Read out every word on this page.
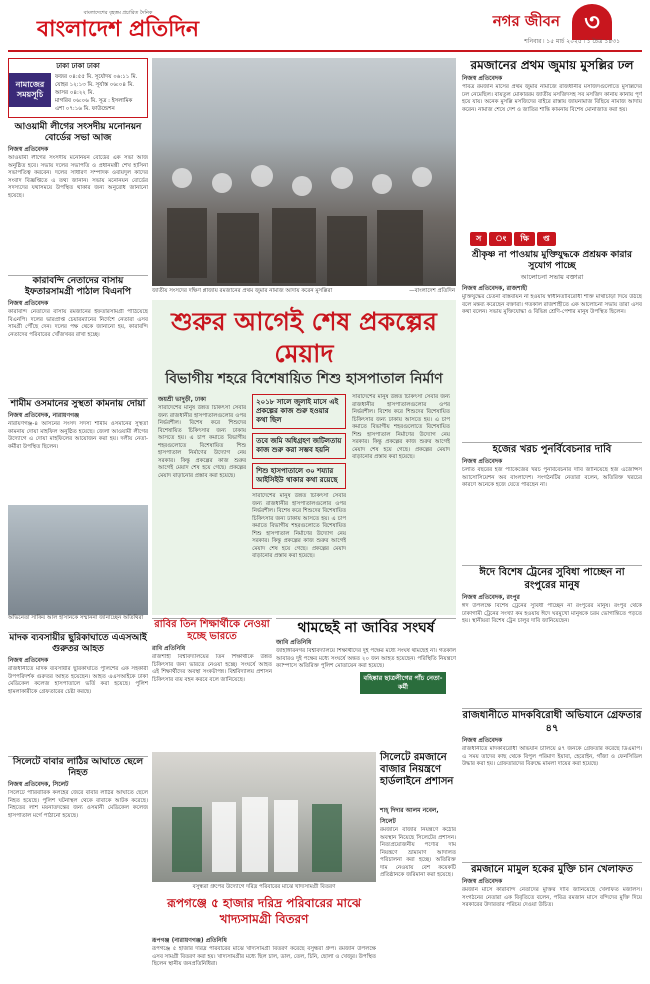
বাংলাদেশের বৃহত্তম প্রচারিত দৈনিক
বাংলাদেশ প্রতিদিন	নগর জীবন	৩
শনিবার ৷ ১৫ মার্চ ২০২৫ ৷ ১ চৈত্র ১৪৩১
ঢাকা ঢাকা ঢাকা
নামাজের সময়সূচি
ফজর ০৪:৫৫ মি. সূর্যোদয় ০৬:১১ মি.
যোহর ১২:১৩ মি. সূর্যাস্ত ০৬:০৪ মি.
আসর ০৪:২২ মি.
মাগরিব ০৬:০৬ মি. সূত্র : ইসলামিক
এশা ০৭:১৬ মি. ফাউন্ডেশন
আওয়ামী লীগের সংসদীয় মনোনয়ন বোর্ডের সভা আজ
নিজস্ব প্রতিবেদক
আওয়ামী লীগের সংসদীয় মনোনয়ন বোর্ডের এক সভা আজ অনুষ্ঠিত হবে। সভায় দলের সভাপতি ও প্রধানমন্ত্রী শেখ হাসিনা সভাপতিত্ব করবেন। দলের সাধারণ সম্পাদক ওবায়দুল কাদের সংবাদ বিজ্ঞপ্তিতে এ তথ্য জানান। সভায় মনোনয়ন বোর্ডের সদস্যদের যথাসময়ে উপস্থিত থাকার জন্য অনুরোধ জানানো হয়েছে।
কারাবন্দি নেতাদের বাসায় ইফতারসামগ্রী পাঠাল বিএনপি
নিজস্ব প্রতিবেদক
কারাবন্দি নেতাদের বাসায় রমজানের ইফতারসামগ্রী পাঠিয়েছে বিএনপি। দলের ভারপ্রাপ্ত চেয়ারম্যানের নির্দেশে নেতারা এসব সামগ্রী পৌঁছে দেন। দলের পক্ষ থেকে জানানো হয়, কারাবন্দি নেতাদের পরিবারের খোঁজখবর রাখা হচ্ছে।
শামীম ওসমানের সুস্থতা কামনায় দোয়া
নিজস্ব প্রতিবেদক, নারায়ণগঞ্জ
নারায়ণগঞ্জ-৪ আসনের সংসদ সদস্য শামীম ওসমানের সুস্থতা কামনায় দোয়া মাহফিল অনুষ্ঠিত হয়েছে। জেলা আওয়ামী লীগের উদ্যোগে এ দোয়া মাহফিলের আয়োজন করা হয়। দলীয় নেতা-কর্মীরা উপস্থিত ছিলেন।
অভিনেতা সাকিব আল হাসানকে সম্মাননা জানাচ্ছেন অতিথিরা
মাদক ব্যবসায়ীর ছুরিকাঘাতে এএসআই গুরুতর আহত
নিজস্ব প্রতিবেদক
রাজধানীতে মাদক ব্যবসায়ীর ছুরিকাঘাতে পুলিশের এক সহকারী উপপরিদর্শক গুরুতর আহত হয়েছেন। আহত এএসআইকে ঢাকা মেডিকেল কলেজ হাসপাতালে ভর্তি করা হয়েছে। পুলিশ হামলাকারীকে গ্রেফতারের চেষ্টা করছে।
সিলেটে বাবার লাঠির আঘাতে ছেলে নিহত
নিজস্ব প্রতিবেদক, সিলেট
সিলেটে পারিবারিক কলহের জেরে বাবার লাঠির আঘাতে ছেলে নিহত হয়েছে। পুলিশ ঘটনাস্থল থেকে বাবাকে আটক করেছে। নিহতের লাশ ময়নাতদন্তের জন্য ওসমানী মেডিকেল কলেজ হাসপাতাল মর্গে পাঠানো হয়েছে।
জাতীয় সংসদের দক্ষিণ প্লাজায় রমজানের প্রথম জুমার নামাজ আদায় করেন মুসল্লিরা	—বাংলাদেশ প্রতিদিন
শুরুর আগেই শেষ প্রকল্পের মেয়াদ
বিভাগীয় শহরে বিশেষায়িত শিশু হাসপাতাল নির্মাণ
জয়শ্রী ভাদুড়ী, ঢাকা
সারাদেশের মানুষ উন্নত চিকিৎসা সেবার জন্য রাজধানীর হাসপাতালগুলোর ওপর নির্ভরশীল। বিশেষ করে শিশুদের বিশেষায়িত চিকিৎসার জন্য ঢাকায় আসতে হয়। এ চাপ কমাতে বিভাগীয় শহরগুলোতে বিশেষায়িত শিশু হাসপাতাল নির্মাণের উদ্যোগ নেয় সরকার। কিন্তু প্রকল্পের কাজ শুরুর আগেই মেয়াদ শেষ হয়ে গেছে। প্রকল্পের মেয়াদ বাড়ানোর প্রস্তাব করা হয়েছে।
২০১৮ সালে জুলাই মাসে এই প্রকল্পের কাজ শুরু হওয়ার কথা ছিল
তবে জমি অধিগ্রহণ জটিলতায় কাজ শুরু করা সম্ভব হয়নি
শিশু হাসপাতালে ৩০ শয্যার আইসিইউ থাকার কথা রয়েছে
সারাদেশের মানুষ উন্নত চিকিৎসা সেবার জন্য রাজধানীর হাসপাতালগুলোর ওপর নির্ভরশীল। বিশেষ করে শিশুদের বিশেষায়িত চিকিৎসার জন্য ঢাকায় আসতে হয়। এ চাপ কমাতে বিভাগীয় শহরগুলোতে বিশেষায়িত শিশু হাসপাতাল নির্মাণের উদ্যোগ নেয় সরকার। কিন্তু প্রকল্পের কাজ শুরুর আগেই মেয়াদ শেষ হয়ে গেছে। প্রকল্পের মেয়াদ বাড়ানোর প্রস্তাব করা হয়েছে।
সারাদেশের মানুষ উন্নত চিকিৎসা সেবার জন্য রাজধানীর হাসপাতালগুলোর ওপর নির্ভরশীল। বিশেষ করে শিশুদের বিশেষায়িত চিকিৎসার জন্য ঢাকায় আসতে হয়। এ চাপ কমাতে বিভাগীয় শহরগুলোতে বিশেষায়িত শিশু হাসপাতাল নির্মাণের উদ্যোগ নেয় সরকার। কিন্তু প্রকল্পের কাজ শুরুর আগেই মেয়াদ শেষ হয়ে গেছে। প্রকল্পের মেয়াদ বাড়ানোর প্রস্তাব করা হয়েছে।
রাবির তিন শিক্ষার্থীকে নেওয়া হচ্ছে ভারতে
রাবি প্রতিনিধি
রাজশাহী বিশ্ববিদ্যালয়ের তিন শিক্ষার্থীকে উন্নত চিকিৎসার জন্য ভারতে নেওয়া হচ্ছে। সংঘর্ষে আহত এই শিক্ষার্থীদের অবস্থা সংকটাপন্ন। বিশ্ববিদ্যালয় প্রশাসন চিকিৎসার ব্যয় বহন করবে বলে জানিয়েছে।
থামছেই না জাবির সংঘর্ষ
জাবি প্রতিনিধি
জাহাঙ্গীরনগর বিশ্ববিদ্যালয়ে শিক্ষার্থীদের দুই পক্ষের মধ্যে সংঘর্ষ থামছেই না। গতকাল আবারও দুই পক্ষের মধ্যে সংঘর্ষে অন্তত ২০ জন আহত হয়েছেন। পরিস্থিতি নিয়ন্ত্রণে ক্যাম্পাসে অতিরিক্ত পুলিশ মোতায়েন করা হয়েছে।
বহিষ্কার ছাত্রলীগের পাঁচ নেতা-কর্মী
সিলেটে রমজানে বাজার নিয়ন্ত্রণে হার্ডলাইনে প্রশাসন
শাহ্ দিদার আলম নবেল, সিলেট
রমজানে বাজার নিয়ন্ত্রণে কঠোর অবস্থান নিয়েছে সিলেটের প্রশাসন। নিত্যপ্রয়োজনীয় পণ্যের দাম নিয়ন্ত্রণে ভ্রাম্যমাণ আদালত পরিচালনা করা হচ্ছে। অতিরিক্ত দাম নেওয়ায় বেশ কয়েকটি প্রতিষ্ঠানকে জরিমানা করা হয়েছে।
বসুন্ধরা গ্রুপের উদ্যোগে দরিদ্র পরিবারের মাঝে খাদ্যসামগ্রী বিতরণ
রূপগঞ্জে ৫ হাজার দরিদ্র পরিবারের মাঝে খাদ্যসামগ্রী বিতরণ
রূপগঞ্জ (নারায়ণগঞ্জ) প্রতিনিধি
রূপগঞ্জে ৫ হাজার দরিদ্র পরিবারের মাঝে খাদ্যসামগ্রী বিতরণ করেছে বসুন্ধরা গ্রুপ। রমজান উপলক্ষে এসব সামগ্রী বিতরণ করা হয়। খাদ্যসামগ্রীর মধ্যে ছিল চাল, ডাল, তেল, চিনি, ছোলা ও খেজুর। উপস্থিত ছিলেন স্থানীয় জনপ্রতিনিধিরা।
রমজানের প্রথম জুমায় মুসল্লির ঢল
নিজস্ব প্রতিবেদক
পবিত্র রমজান মাসের প্রথম জুমার নামাজে রাজধানীর মসজিদগুলোতে মুসল্লিদের ঢল নেমেছিল। বায়তুল মোকাররম জাতীয় মসজিদসহ সব মসজিদ কানায় কানায় পূর্ণ হয়ে যায়। অনেক মুসল্লি মসজিদের বাইরে রাস্তায় জায়নামাজ বিছিয়ে নামাজ আদায় করেন। নামাজ শেষে দেশ ও জাতির শান্তি কামনায় বিশেষ মোনাজাত করা হয়।
স	ং	ক্ষি	প্ত
শ্রীকৃষ্ণ না পাওয়ায় মুক্তিযুদ্ধকে প্রশ্রয়ক কারার সুযোগ পাচ্ছে
আলোচনা সভায় বক্তারা
নিজস্ব প্রতিবেদক, রাজশাহী
মুক্তিযুদ্ধের চেতনা বাস্তবায়ন না হওয়ায় স্বাধীনতাবিরোধী শক্তি মাথাচাড়া দিয়ে উঠছে বলে মন্তব্য করেছেন বক্তারা। গতকাল রাজশাহীতে এক আলোচনা সভায় তারা এসব কথা বলেন। সভায় মুক্তিযোদ্ধা ও বিভিন্ন শ্রেণি-পেশার মানুষ উপস্থিত ছিলেন।
হজের খরচ পুনর্বিবেচনার দাবি
নিজস্ব প্রতিবেদক
চলতি বছরের হজ প্যাকেজের খরচ পুনর্বিবেচনার দাবি জানিয়েছে হজ এজেন্সিস অ্যাসোসিয়েশন অব বাংলাদেশ। সংগঠনটির নেতারা বলেন, অতিরিক্ত খরচের কারণে অনেকে হজে যেতে পারছেন না।
ঈদে বিশেষ ট্রেনের সুবিধা পাচ্ছেন না রংপুরের মানুষ
নিজস্ব প্রতিবেদক, রংপুর
ঈদ উপলক্ষে বিশেষ ট্রেনের সুবিধা পাচ্ছেন না রংপুরের মানুষ। রংপুর থেকে ঢাকাগামী ট্রেনের সংখ্যা কম হওয়ায় ঈদে ঘরমুখো মানুষকে চরম ভোগান্তিতে পড়তে হয়। স্থানীয়রা বিশেষ ট্রেন চালুর দাবি জানিয়েছেন।
রাজধানীতে মাদকবিরোধী অভিযানে গ্রেফতার ৪৭
নিজস্ব প্রতিবেদক
রাজধানীতে মাদকবিরোধী অভিযান চালিয়ে ৪৭ জনকে গ্রেফতার করেছে ডিএমপি। এ সময় তাদের কাছ থেকে বিপুল পরিমাণ ইয়াবা, হেরোইন, গাঁজা ও ফেনসিডিল উদ্ধার করা হয়। গ্রেফতারদের বিরুদ্ধে মামলা দায়ের করা হয়েছে।
রমজানে মামুল হকের মুক্তি চান খেলাফত
নিজস্ব প্রতিবেদক
রমজান মাসে কারাবন্দি নেতাদের মুক্তির দাবি জানিয়েছে খেলাফত মজলিস। সংগঠনের নেতারা এক বিবৃতিতে বলেন, পবিত্র রমজান মাসে বন্দিদের মুক্তি দিয়ে সরকারের উদারতার পরিচয় দেওয়া উচিত।
